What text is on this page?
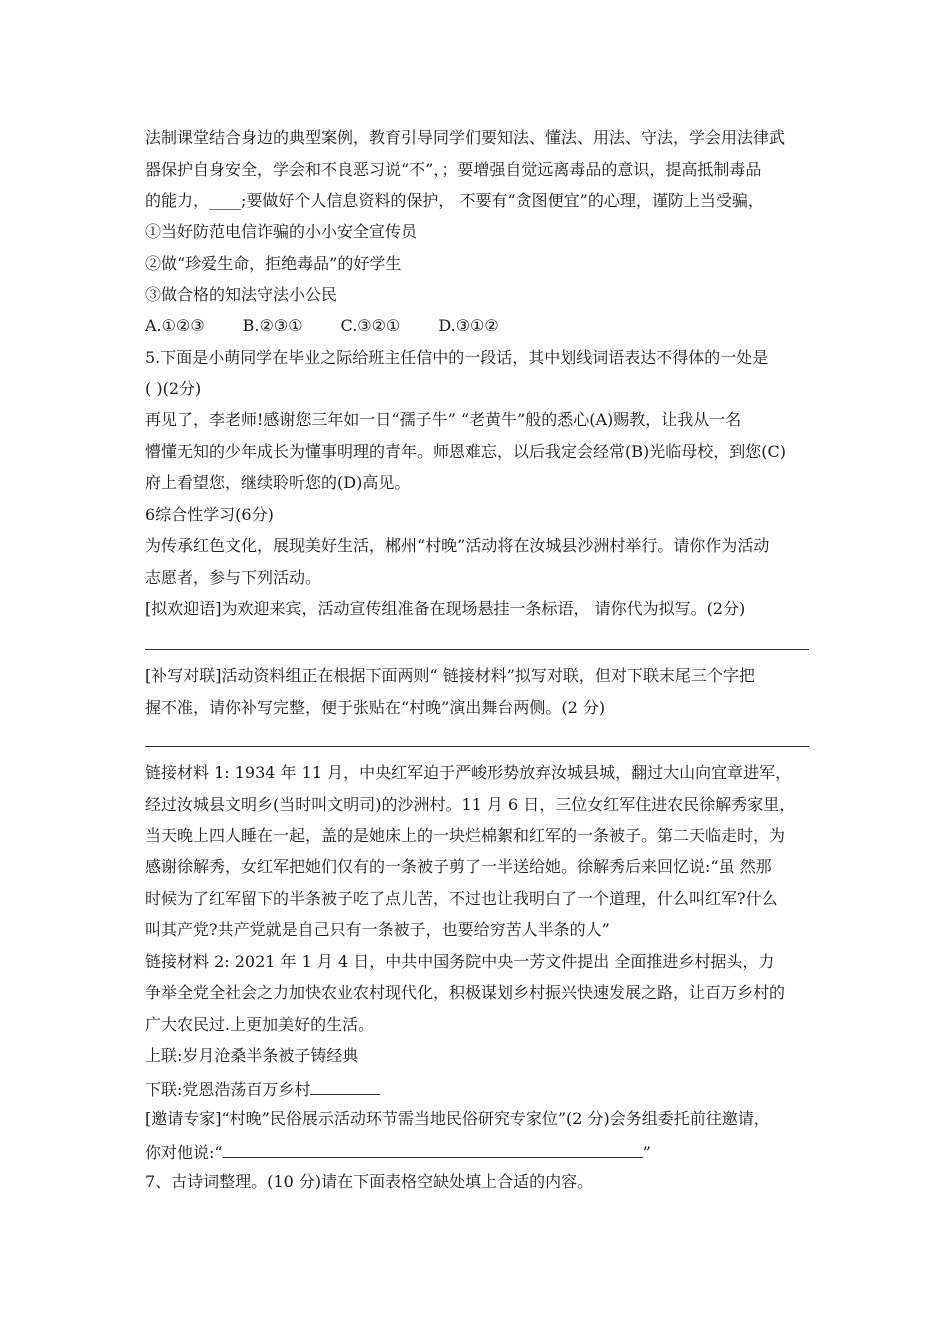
法制课堂结合身边的典型案例，教育引导同学们要知法、懂法、用法、守法，学会用法律武
器保护自身安全，学会和不良恶习说“不”，；要增强自觉远离毒品的意识，提高抵制毒品
的能力，____;要做好个人信息资料的保护， 不要有“贪图便宜”的心理，谨防上当受骗，
①当好防范电信诈骗的小小安全宣传员
②做“珍爱生命，拒绝毒品”的好学生
③做合格的知法守法小公民
A.①②③ B.②③① C.③②① D.③①②
5.下面是小萌同学在毕业之际给班主任信中的一段话，其中划线词语表达不得体的一处是
( )(2分)
再见了，李老师!感谢您三年如一日“孺子牛” “老黄牛”般的悉心(A)赐教，让我从一名
懵懂无知的少年成长为懂事明理的青年。师恩难忘，以后我定会经常(B)光临母校，到您(C)
府上看望您，继续聆听您的(D)高见。
6综合性学习(6分)
为传承红色文化，展现美好生活，郴州“村晚”活动将在汝城县沙洲村举行。请你作为活动
志愿者，参与下列活动。
[拟欢迎语]为欢迎来宾，活动宣传组准备在现场悬挂一条标语， 请你代为拟写。(2分)
[补写对联]活动资料组正在根据下面两则“ 链接材料”拟写对联，但对下联末尾三个字把
握不准，请你补写完整，便于张贴在“村晚”演出舞台两侧。(2 分)
链接材料 1: 1934 年 11 月，中央红军迫于严峻形势放弃汝城县城，翻过大山向宜章进军，
经过汝城县文明乡(当时叫文明司)的沙洲村。11 月 6 日，三位女红军住进农民徐解秀家里，
当天晚上四人睡在一起，盖的是她床上的一块烂棉絮和红军的一条被子。第二天临走时，为
感谢徐解秀，女红军把她们仅有的一条被子剪了一半送给她。徐解秀后来回忆说:“虽 然那
时候为了红军留下的半条被子吃了点儿苦，不过也让我明白了一个道理，什么叫红军?什么
叫其产党?共产党就是自己只有一条被子，也要给穷苦人半条的人”
链接材料 2: 2021 年 1 月 4 日，中共中国务院中央一芳文件提出 全面推进乡村据头，力
争举全党全社会之力加快农业农村现代化，积极谋划乡村振兴快速发展之路，让百万乡村的
广大农民过.上更加美好的生活。
上联:岁月沧桑半条被子铸经典
下联:党恩浩荡百万乡村
[邀请专家]“村晚”民俗展示活动环节需当地民俗研究专家位”(2 分)会务组委托前往邀请，
你对他说:“	”
7、古诗词整理。(10 分)请在下面表格空缺处填上合适的内容。
